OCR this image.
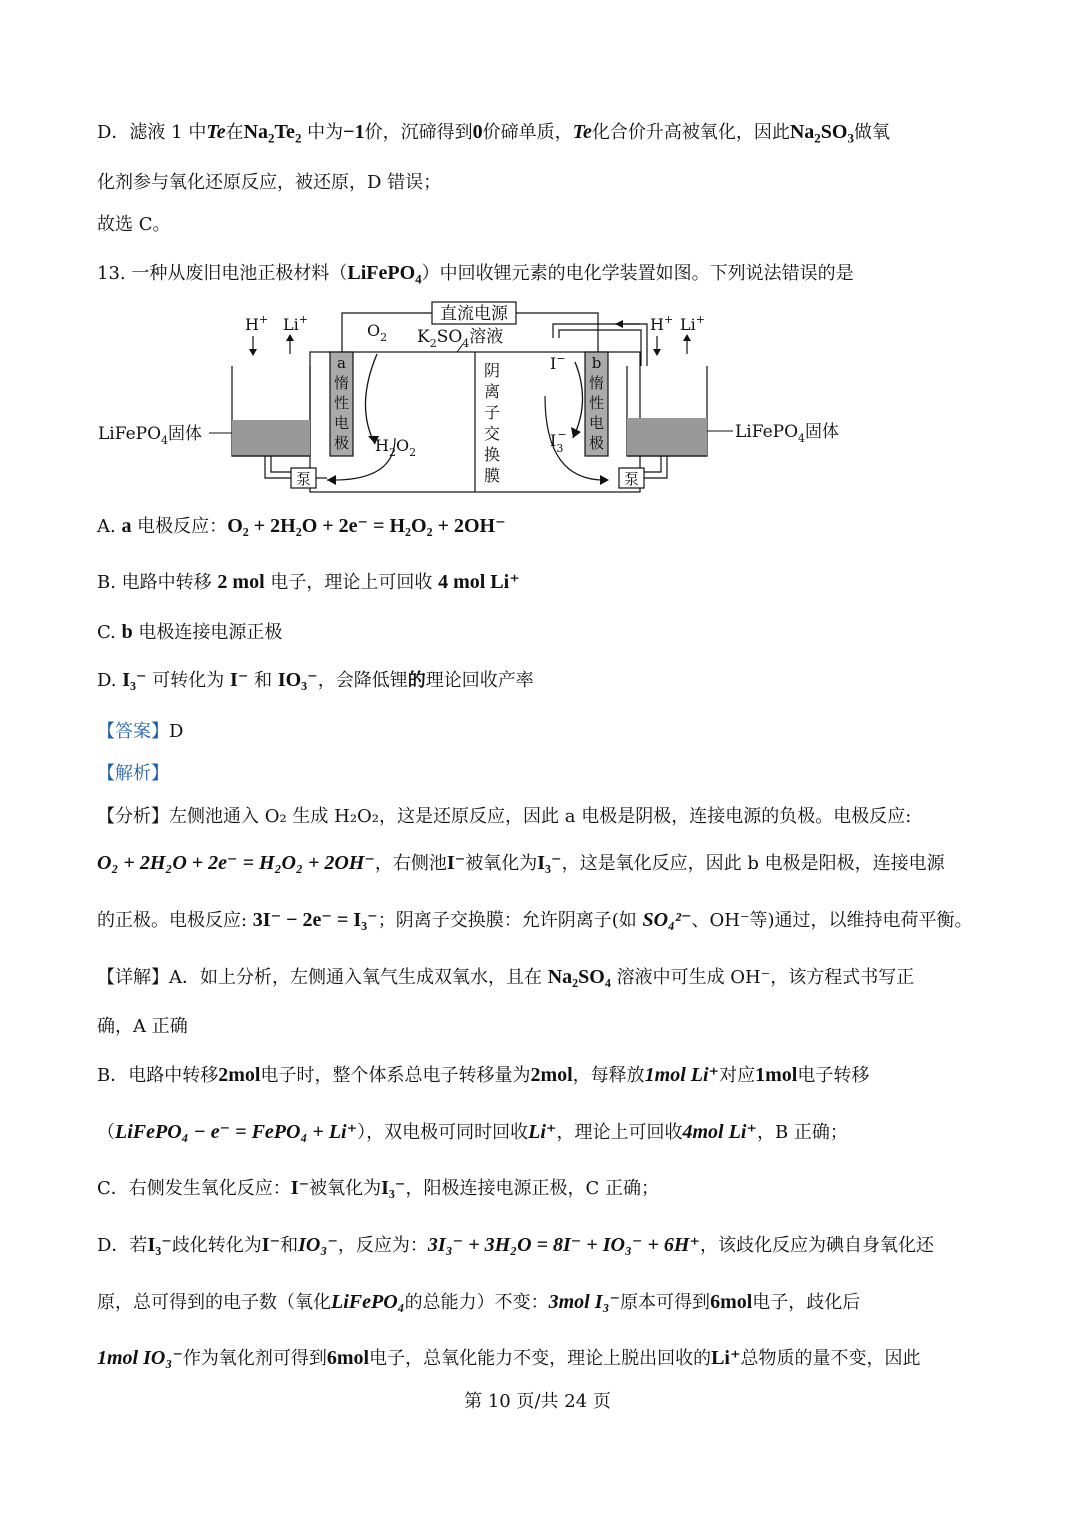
D．滤液 1 中Te在$Na_2Te_2$ 中为−1价，沉碲得到0价碲单质，Te化合价升高被氧化，因此$Na_2SO_3$做氧
化剂参与氧化还原反应，被还原，D 错误；
故选 C。
13. 一种从废旧电池正极材料（LiFePO$_4$）中回收锂元素的电化学装置如图。下列说法错误的是
直流电源
阴
离
子
交
换
膜
a
惰
性
电
极
b
惰
性
电
极
$O_2$
$H_2O_2$
$K_2SO_4$溶液
I−
$I_3-$
H+ Li+
LiFePO$_4$固体
泵
H+ Li+
LiFePO$_4$固体
泵
A. a 电极反应：O₂ + 2H₂O + 2e⁻ = H₂O₂ + 2OH⁻
B. 电路中转移 2 mol 电子，理论上可回收 4 mol Li⁺
C. b 电极连接电源正极
D. I₃⁻ 可转化为 I⁻ 和 IO₃⁻，会降低锂的理论回收产率
【答案】D
【解析】
【分析】左侧池通入 O₂ 生成 H₂O₂，这是还原反应，因此 a 电极是阴极，连接电源的负极。电极反应:
O₂ + 2H₂O + 2e⁻ = H₂O₂ + 2OH⁻，右侧池I⁻被氧化为I₃⁻，这是氧化反应，因此 b 电极是阳极，连接电源
的正极。电极反应: 3I⁻ − 2e⁻ = I₃⁻；阴离子交换膜：允许阴离子(如 SO₄²⁻、OH⁻等)通过，以维持电荷平衡。
【详解】A．如上分析，左侧通入氧气生成双氧水，且在 Na₂SO₄ 溶液中可生成 OH⁻，该方程式书写正
确，A 正确
B．电路中转移2mol电子时，整个体系总电子转移量为2mol，每释放1mol Li⁺对应1mol电子转移
（LiFePO₄ − e⁻ = FePO₄ + Li⁺），双电极可同时回收Li⁺，理论上可回收4mol Li⁺，B 正确；
C．右侧发生氧化反应：I⁻被氧化为I₃⁻，阳极连接电源正极，C 正确；
D．若I₃⁻歧化转化为I⁻和IO₃⁻，反应为：3I₃⁻ + 3H₂O = 8I⁻ + IO₃⁻ + 6H⁺，该歧化反应为碘自身氧化还
原，总可得到的电子数（氧化LiFePO₄的总能力）不变：3mol I₃⁻原本可得到6mol电子，歧化后
1mol IO₃⁻作为氧化剂可得到6mol电子，总氧化能力不变，理论上脱出回收的Li⁺总物质的量不变，因此
第 10 页/共 24 页
